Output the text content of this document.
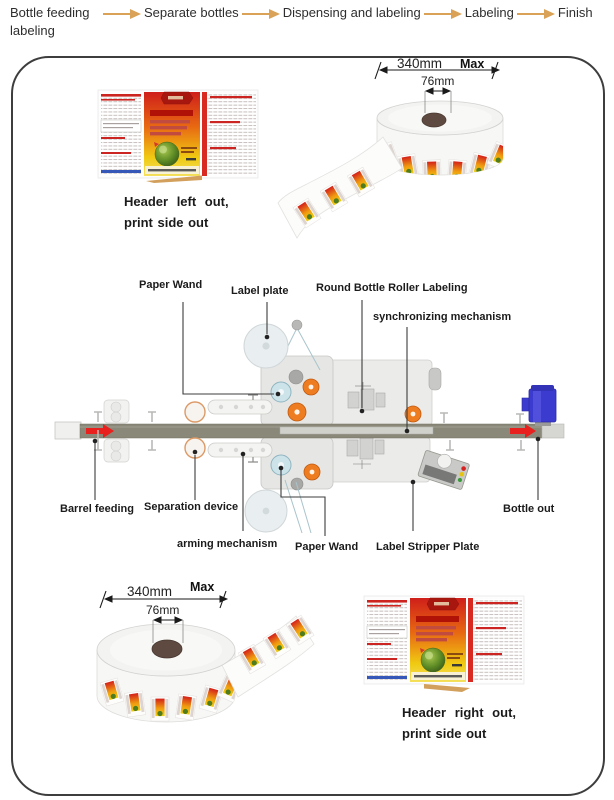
Bottle feeding labeling
Separate bottles	Dispensing and labeling	Labeling	Finish
340mm Max
76mm
340mm Max
76mm
Paper Wand	Label plate	Round Bottle Roller Labeling
synchronizing mechanism
Barrel feeding Separation device
arming mechanism Paper Wand Label Stripper Plate
Bottle out
Header left out,
print side out
Header right out,
print side out
